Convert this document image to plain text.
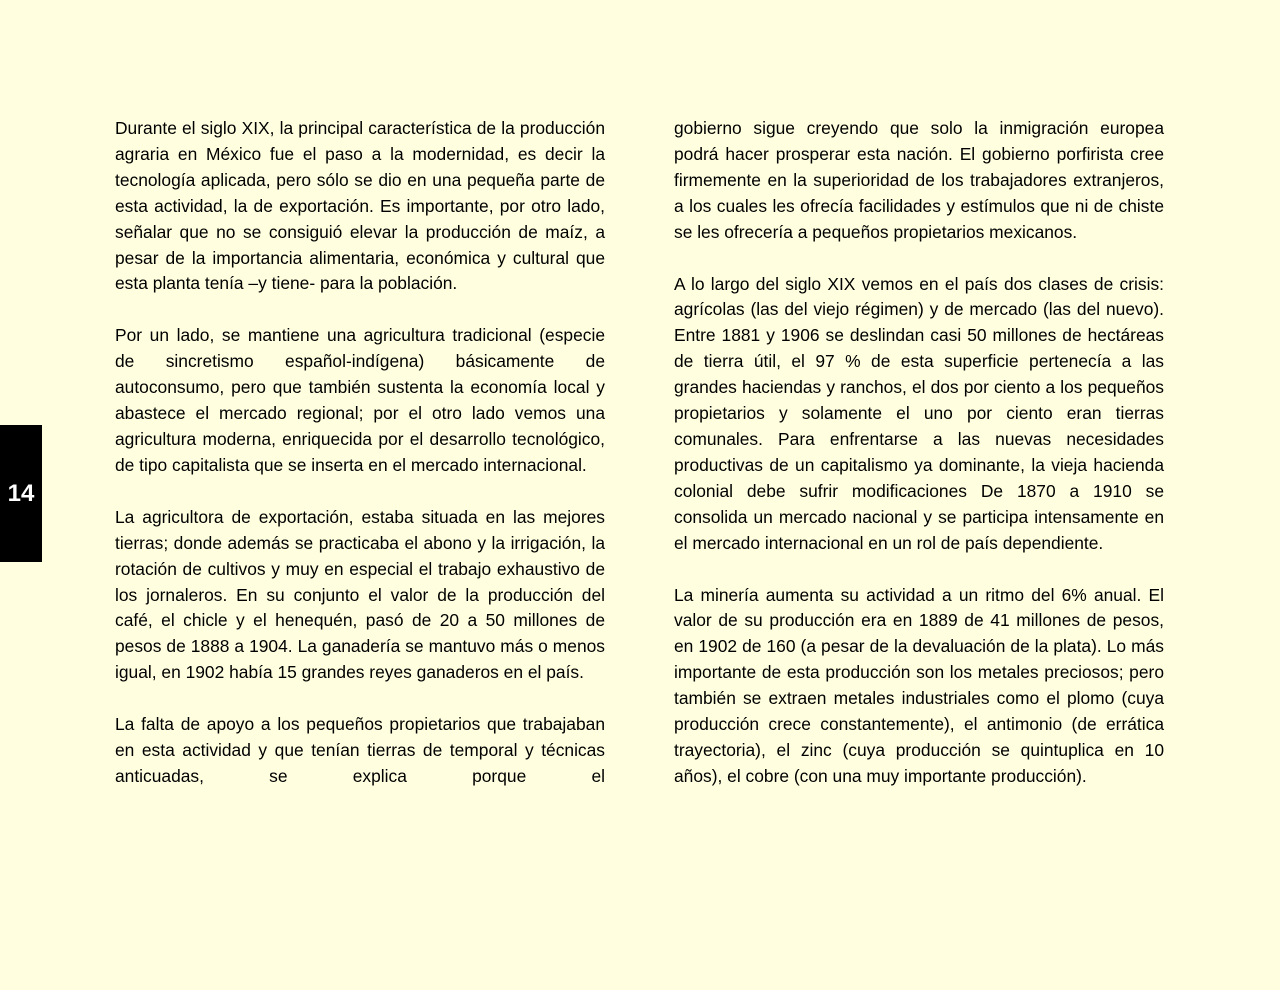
14

Durante el siglo XIX, la principal característica de la producción agraria en México fue el paso a la modernidad, es decir la tecnología aplicada, pero sólo se dio en una pequeña parte de esta actividad, la de exportación. Es importante, por otro lado, señalar que no se consiguió elevar la producción de maíz, a pesar de la importancia alimentaria, económica y cultural que esta planta tenía –y tiene- para la población.

Por un lado, se mantiene una agricultura tradicional (especie de sincretismo español-indígena) básicamente de autoconsumo, pero que también sustenta la economía local y abastece el mercado regional; por el otro lado vemos una agricultura moderna, enriquecida por el desarrollo tecnológico, de tipo capitalista que se inserta en el mercado internacional.

La agricultora de exportación, estaba situada en las mejores tierras; donde además se practicaba el abono y la irrigación, la rotación de cultivos y muy en especial el trabajo exhaustivo de los jornaleros. En su conjunto el valor de la producción del café, el chicle y el henequén, pasó de 20 a 50 millones de pesos de 1888 a 1904. La ganadería se mantuvo más o menos igual, en 1902 había 15 grandes reyes ganaderos en el país.

La falta de apoyo a los pequeños propietarios que trabajaban en esta actividad y que tenían tierras de temporal y técnicas anticuadas, se explica porque el

gobierno sigue creyendo que solo la inmigración europea podrá hacer prosperar esta nación. El gobierno porfirista cree firmemente en la superioridad de los trabajadores extranjeros, a los cuales les ofrecía facilidades y estímulos que ni de chiste se les ofrecería a pequeños propietarios mexicanos.

A lo largo del siglo XIX vemos en el país dos clases de crisis: agrícolas (las del viejo régimen) y de mercado (las del nuevo). Entre 1881 y 1906 se deslindan casi 50 millones de hectáreas de tierra útil, el 97 % de esta superficie pertenecía a las grandes haciendas y ranchos, el dos por ciento a los pequeños propietarios y solamente el uno por ciento eran tierras comunales. Para enfrentarse a las nuevas necesidades productivas de un capitalismo ya dominante, la vieja hacienda colonial debe sufrir modificaciones De 1870 a 1910 se consolida un mercado nacional y se participa intensamente en el mercado internacional en un rol de país dependiente.

La minería aumenta su actividad a un ritmo del 6% anual. El valor de su producción era en 1889 de 41 millones de pesos, en 1902 de 160 (a pesar de la devaluación de la plata). Lo más importante de esta producción son los metales preciosos; pero también se extraen metales industriales como el plomo (cuya producción crece constantemente), el antimonio (de errática trayectoria), el zinc (cuya producción se quintuplica en 10 años), el cobre (con una muy importante producción).
